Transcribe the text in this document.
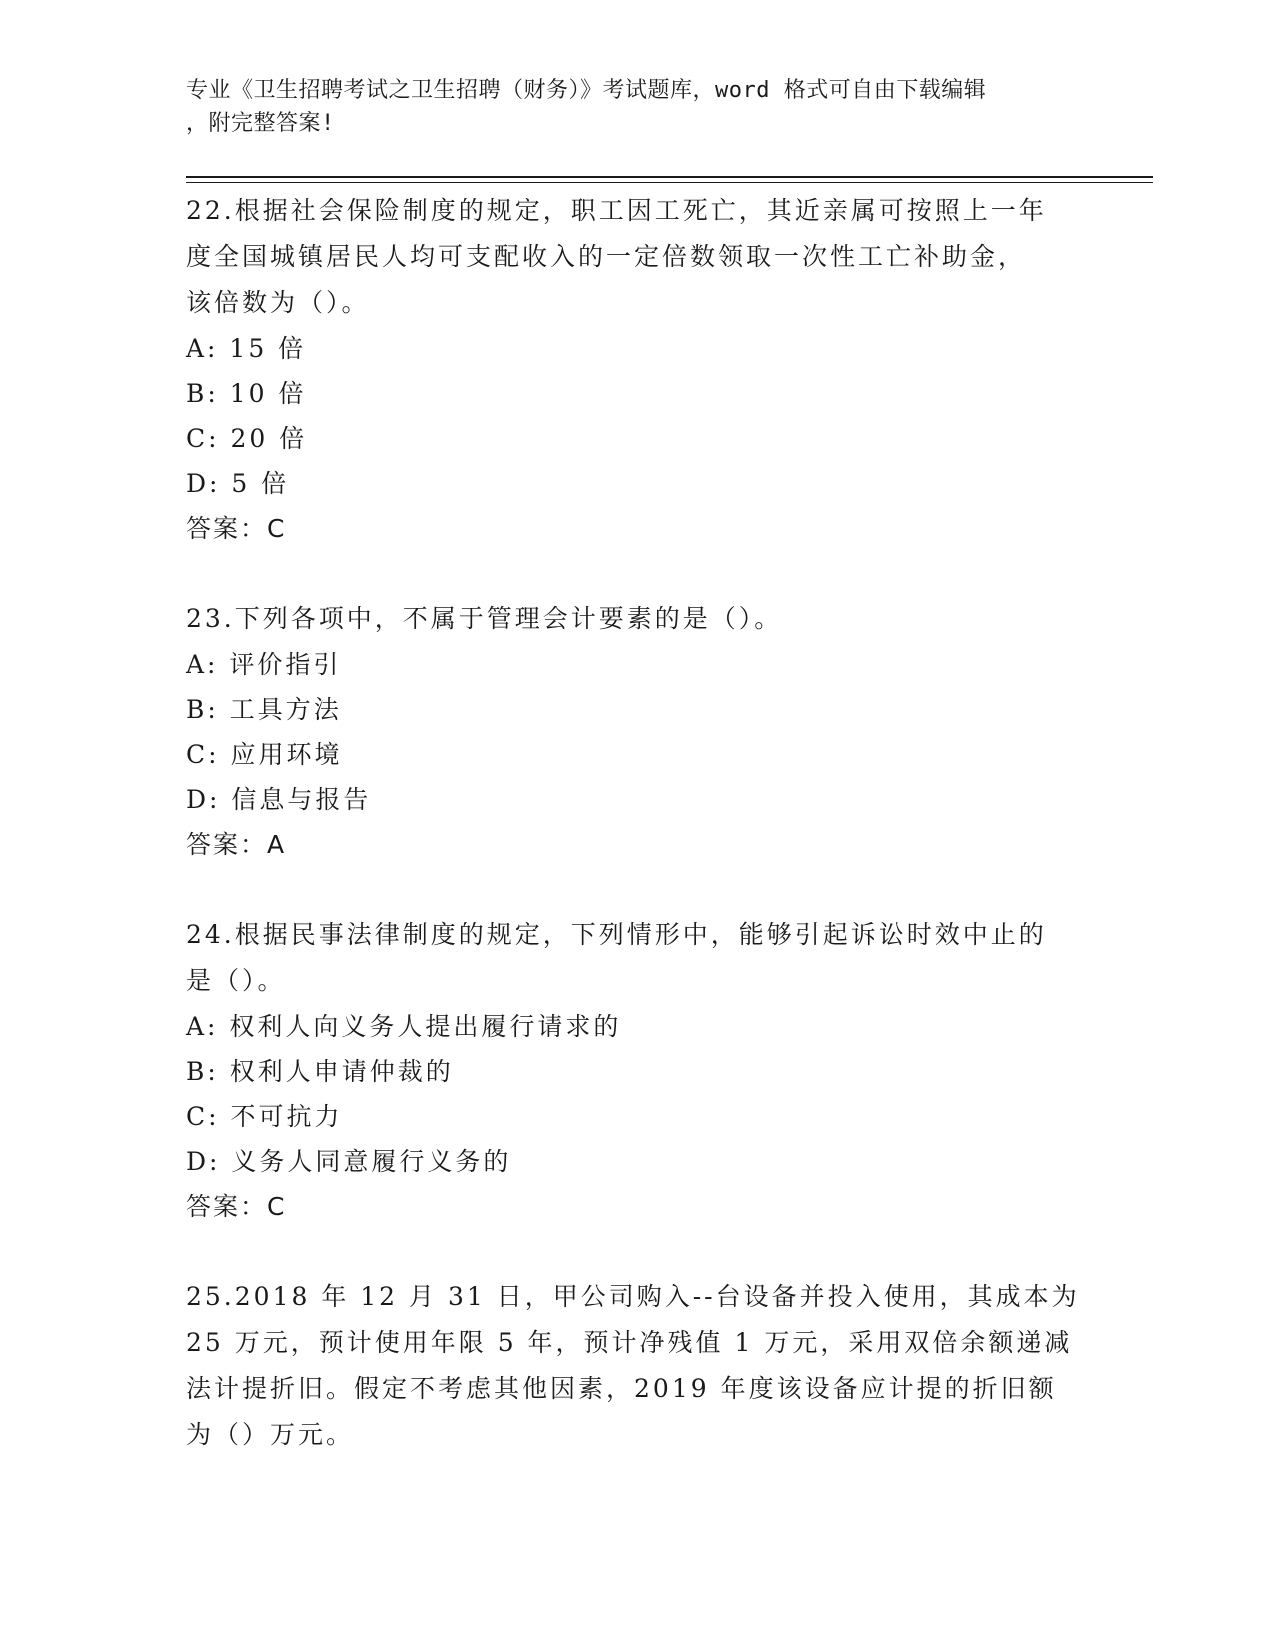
专业《卫生招聘考试之卫生招聘（财务）》考试题库，word 格式可自由下载编辑
，附完整答案!
22.根据社会保险制度的规定，职工因工死亡，其近亲属可按照上一年
度全国城镇居民人均可支配收入的一定倍数领取一次性工亡补助金，
该倍数为（）。
A: 15 倍
B: 10 倍
C: 20 倍
D: 5 倍
答案：C
23.下列各项中，不属于管理会计要素的是（）。
A: 评价指引
B: 工具方法
C: 应用环境
D: 信息与报告
答案：A
24.根据民事法律制度的规定，下列情形中，能够引起诉讼时效中止的
是（）。
A: 权利人向义务人提出履行请求的
B: 权利人申请仲裁的
C: 不可抗力
D: 义务人同意履行义务的
答案：C
25.2018 年 12 月 31 日，甲公司购入--台设备并投入使用，其成本为
25 万元，预计使用年限 5 年，预计净残值 1 万元，采用双倍余额递减
法计提折旧。假定不考虑其他因素，2019 年度该设备应计提的折旧额
为（）万元。
